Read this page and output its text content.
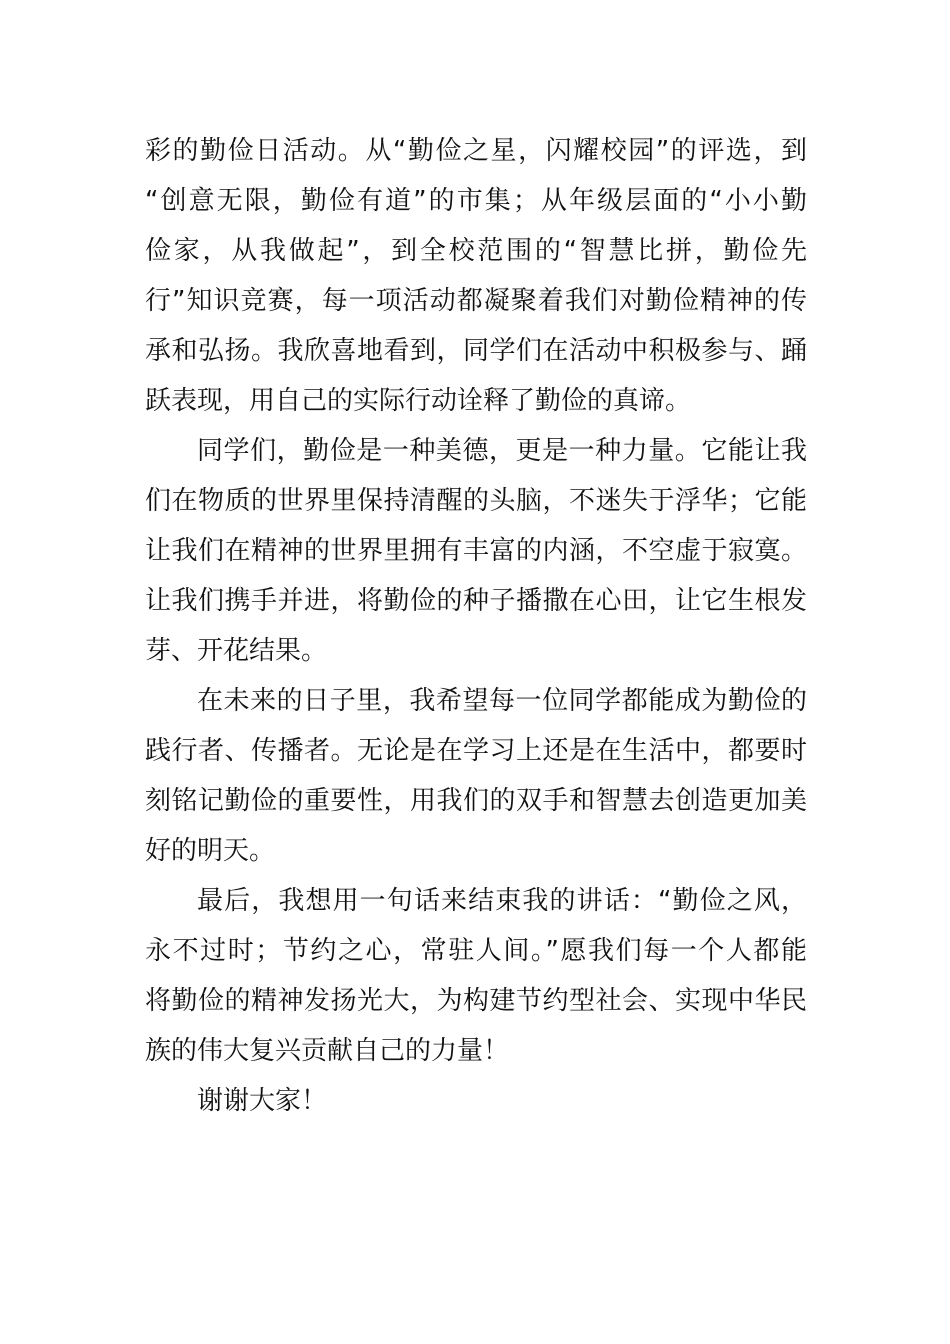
彩的勤俭日活动。从“勤俭之星，闪耀校园”的评选，到
“创意无限，勤俭有道”的市集；从年级层面的“小小勤
俭家，从我做起”，到全校范围的“智慧比拼，勤俭先
行”知识竞赛，每一项活动都凝聚着我们对勤俭精神的传
承和弘扬。我欣喜地看到，同学们在活动中积极参与、踊
跃表现，用自己的实际行动诠释了勤俭的真谛。
同学们，勤俭是一种美德，更是一种力量。它能让我
们在物质的世界里保持清醒的头脑，不迷失于浮华；它能
让我们在精神的世界里拥有丰富的内涵，不空虚于寂寞。
让我们携手并进，将勤俭的种子播撒在心田，让它生根发
芽、开花结果。
在未来的日子里，我希望每一位同学都能成为勤俭的
践行者、传播者。无论是在学习上还是在生活中，都要时
刻铭记勤俭的重要性，用我们的双手和智慧去创造更加美
好的明天。
最后，我想用一句话来结束我的讲话：“勤俭之风，
永不过时；节约之心，常驻人间。”愿我们每一个人都能
将勤俭的精神发扬光大，为构建节约型社会、实现中华民
族的伟大复兴贡献自己的力量！
谢谢大家！
